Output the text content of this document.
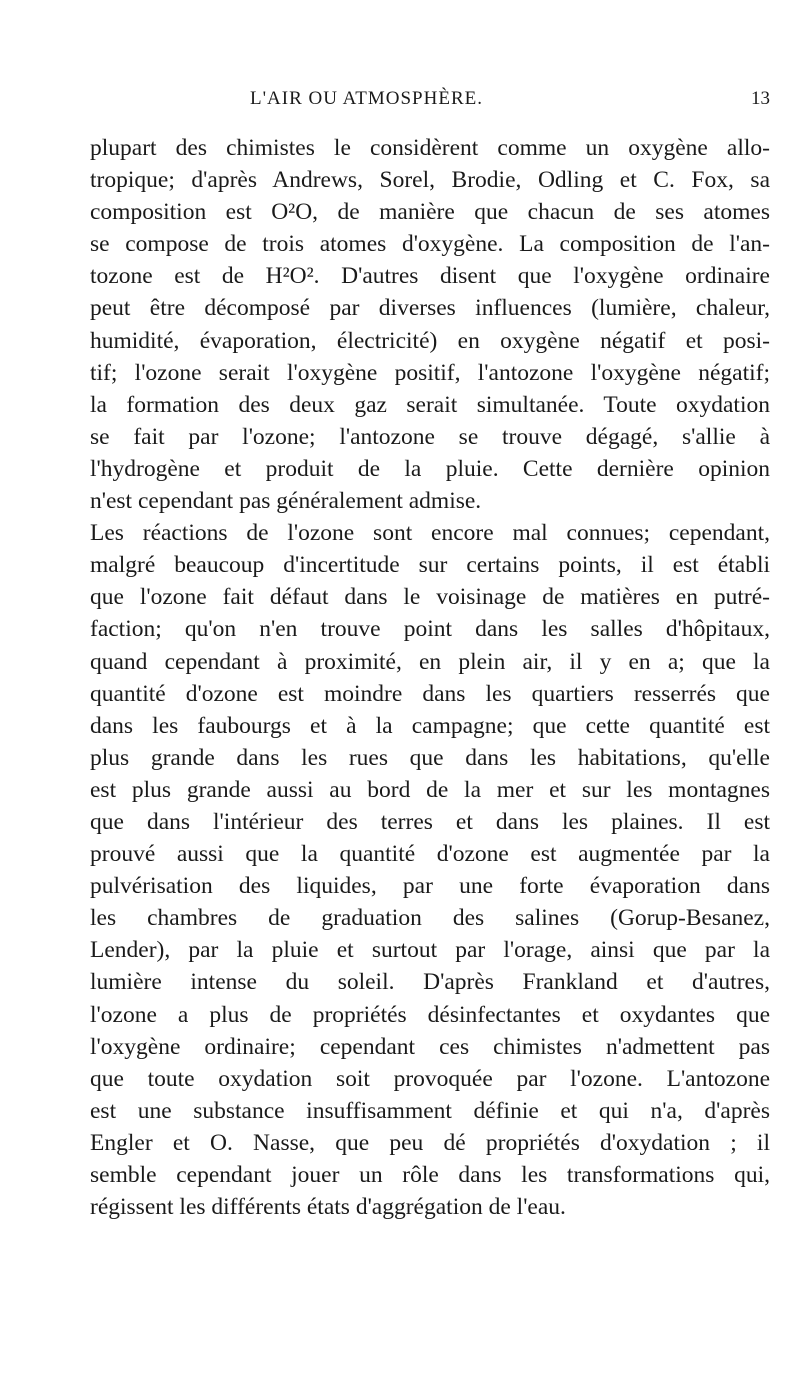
L'AIR OU ATMOSPHÈRE.	13
plupart des chimistes le considèrent comme un oxygène allo-
tropique; d'après Andrews, Sorel, Brodie, Odling et C. Fox, sa
composition est O²O, de manière que chacun de ses atomes
se compose de trois atomes d'oxygène. La composition de l'an-
tozone est de H²O². D'autres disent que l'oxygène ordinaire
peut être décomposé par diverses influences (lumière, chaleur,
humidité, évaporation, électricité) en oxygène négatif et posi-
tif; l'ozone serait l'oxygène positif, l'antozone l'oxygène négatif;
la formation des deux gaz serait simultanée. Toute oxydation
se fait par l'ozone; l'antozone se trouve dégagé, s'allie à
l'hydrogène et produit de la pluie. Cette dernière opinion
n'est cependant pas généralement admise.
Les réactions de l'ozone sont encore mal connues; cependant,
malgré beaucoup d'incertitude sur certains points, il est établi
que l'ozone fait défaut dans le voisinage de matières en putré-
faction; qu'on n'en trouve point dans les salles d'hôpitaux,
quand cependant à proximité, en plein air, il y en a; que la
quantité d'ozone est moindre dans les quartiers resserrés que
dans les faubourgs et à la campagne; que cette quantité est
plus grande dans les rues que dans les habitations, qu'elle
est plus grande aussi au bord de la mer et sur les montagnes
que dans l'intérieur des terres et dans les plaines. Il est
prouvé aussi que la quantité d'ozone est augmentée par la
pulvérisation des liquides, par une forte évaporation dans
les chambres de graduation des salines (Gorup-Besanez,
Lender), par la pluie et surtout par l'orage, ainsi que par la
lumière intense du soleil. D'après Frankland et d'autres,
l'ozone a plus de propriétés désinfectantes et oxydantes que
l'oxygène ordinaire; cependant ces chimistes n'admettent pas
que toute oxydation soit provoquée par l'ozone. L'antozone
est une substance insuffisamment définie et qui n'a, d'après
Engler et O. Nasse, que peu dé propriétés d'oxydation ; il
semble cependant jouer un rôle dans les transformations qui,
régissent les différents états d'aggrégation de l'eau.
